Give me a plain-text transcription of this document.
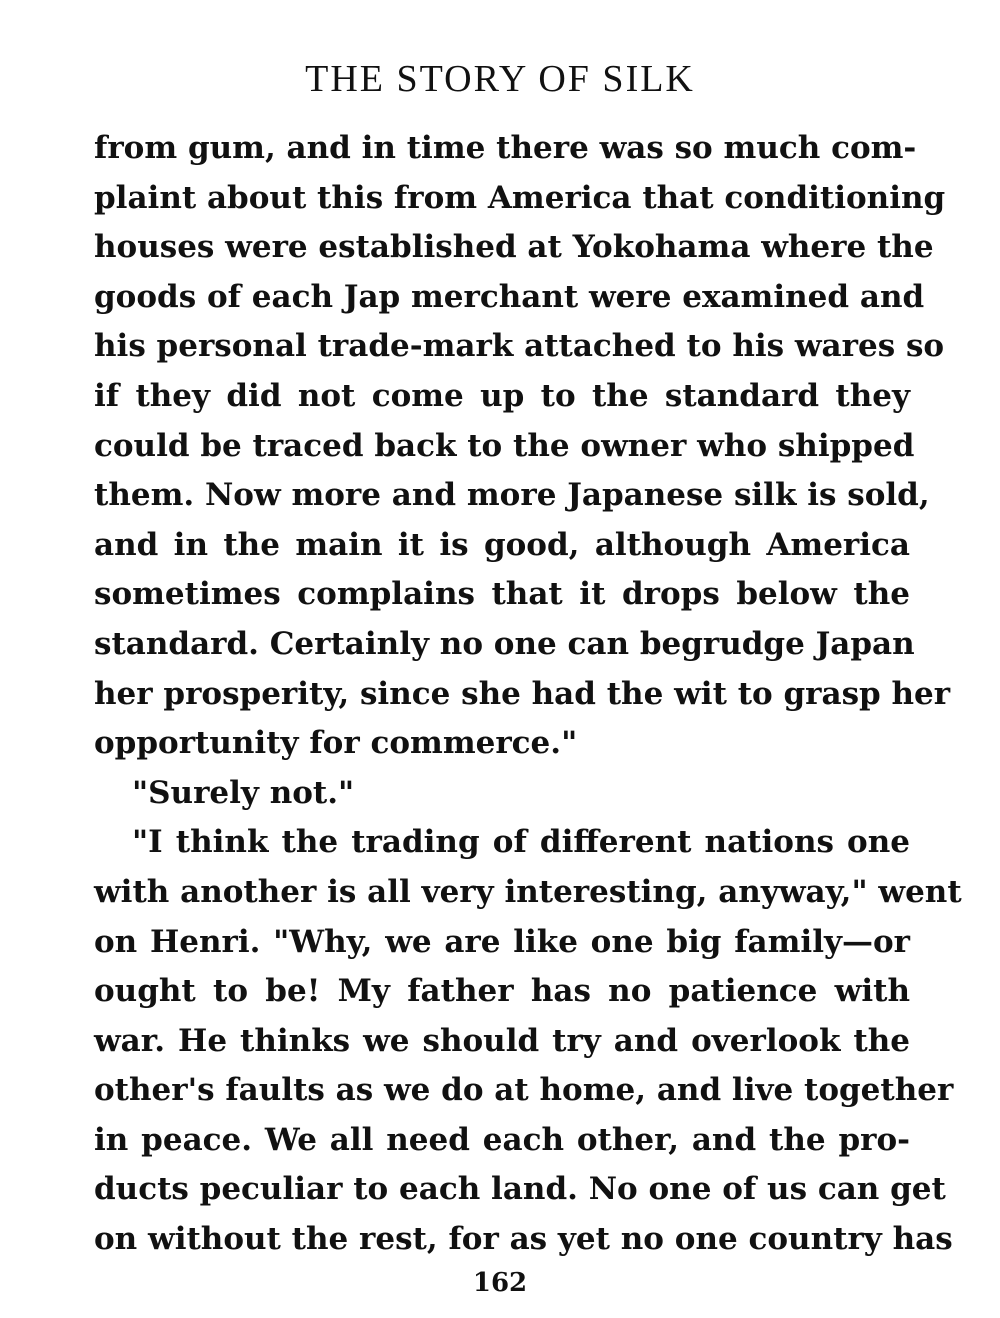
THE STORY OF SILK
from gum, and in time there was so much com-
plaint about this from America that conditioning
houses were established at Yokohama where the
goods of each Jap merchant were examined and
his personal trade-mark attached to his wares so
if they did not come up to the standard they
could be traced back to the owner who shipped
them. Now more and more Japanese silk is sold,
and in the main it is good, although America
sometimes complains that it drops below the
standard. Certainly no one can begrudge Japan
her prosperity, since she had the wit to grasp her
opportunity for commerce."
"Surely not."
"I think the trading of different nations one
with another is all very interesting, anyway," went
on Henri. "Why, we are like one big family—or
ought to be! My father has no patience with
war. He thinks we should try and overlook the
other's faults as we do at home, and live together
in peace. We all need each other, and the pro-
ducts peculiar to each land. No one of us can get
on without the rest, for as yet no one country has
162
